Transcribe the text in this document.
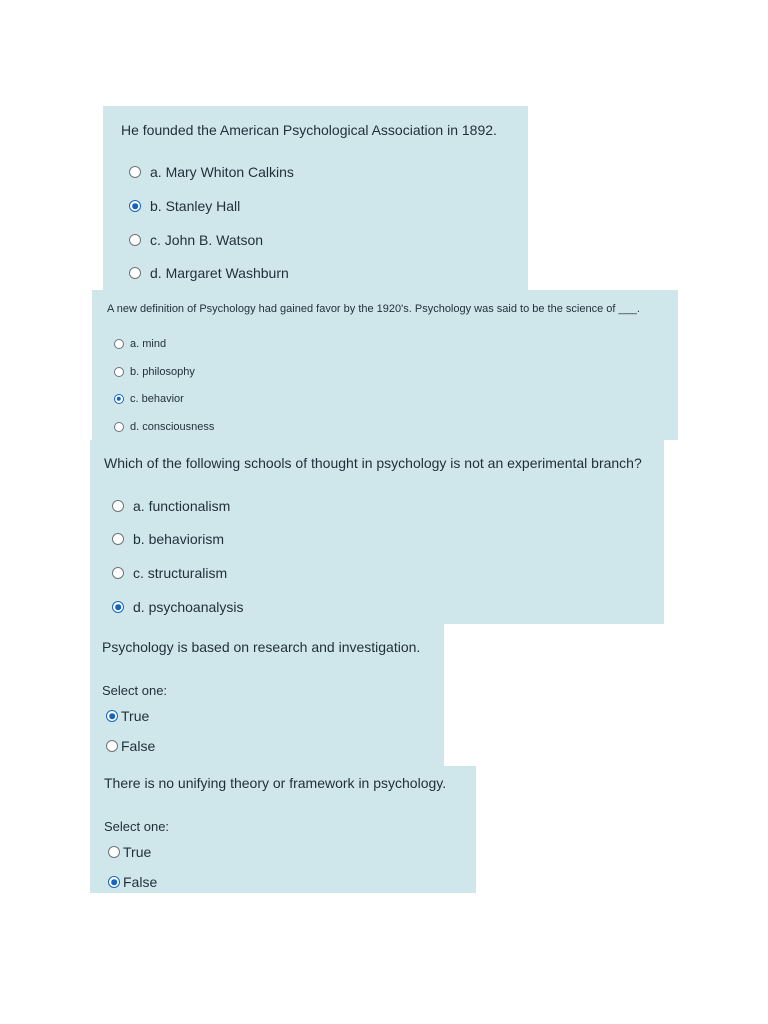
He founded the American Psychological Association in 1892.
a. Mary Whiton Calkins
b. Stanley Hall
c. John B. Watson
d. Margaret Washburn
A new definition of Psychology had gained favor by the 1920's. Psychology was said to be the science of ___.
a. mind
b. philosophy
c. behavior
d. consciousness
Which of the following schools of thought in psychology is not an experimental branch?
a. functionalism
b. behaviorism
c. structuralism
d. psychoanalysis
Psychology is based on research and investigation.
Select one:
True
False
There is no unifying theory or framework in psychology.
Select one:
True
False
